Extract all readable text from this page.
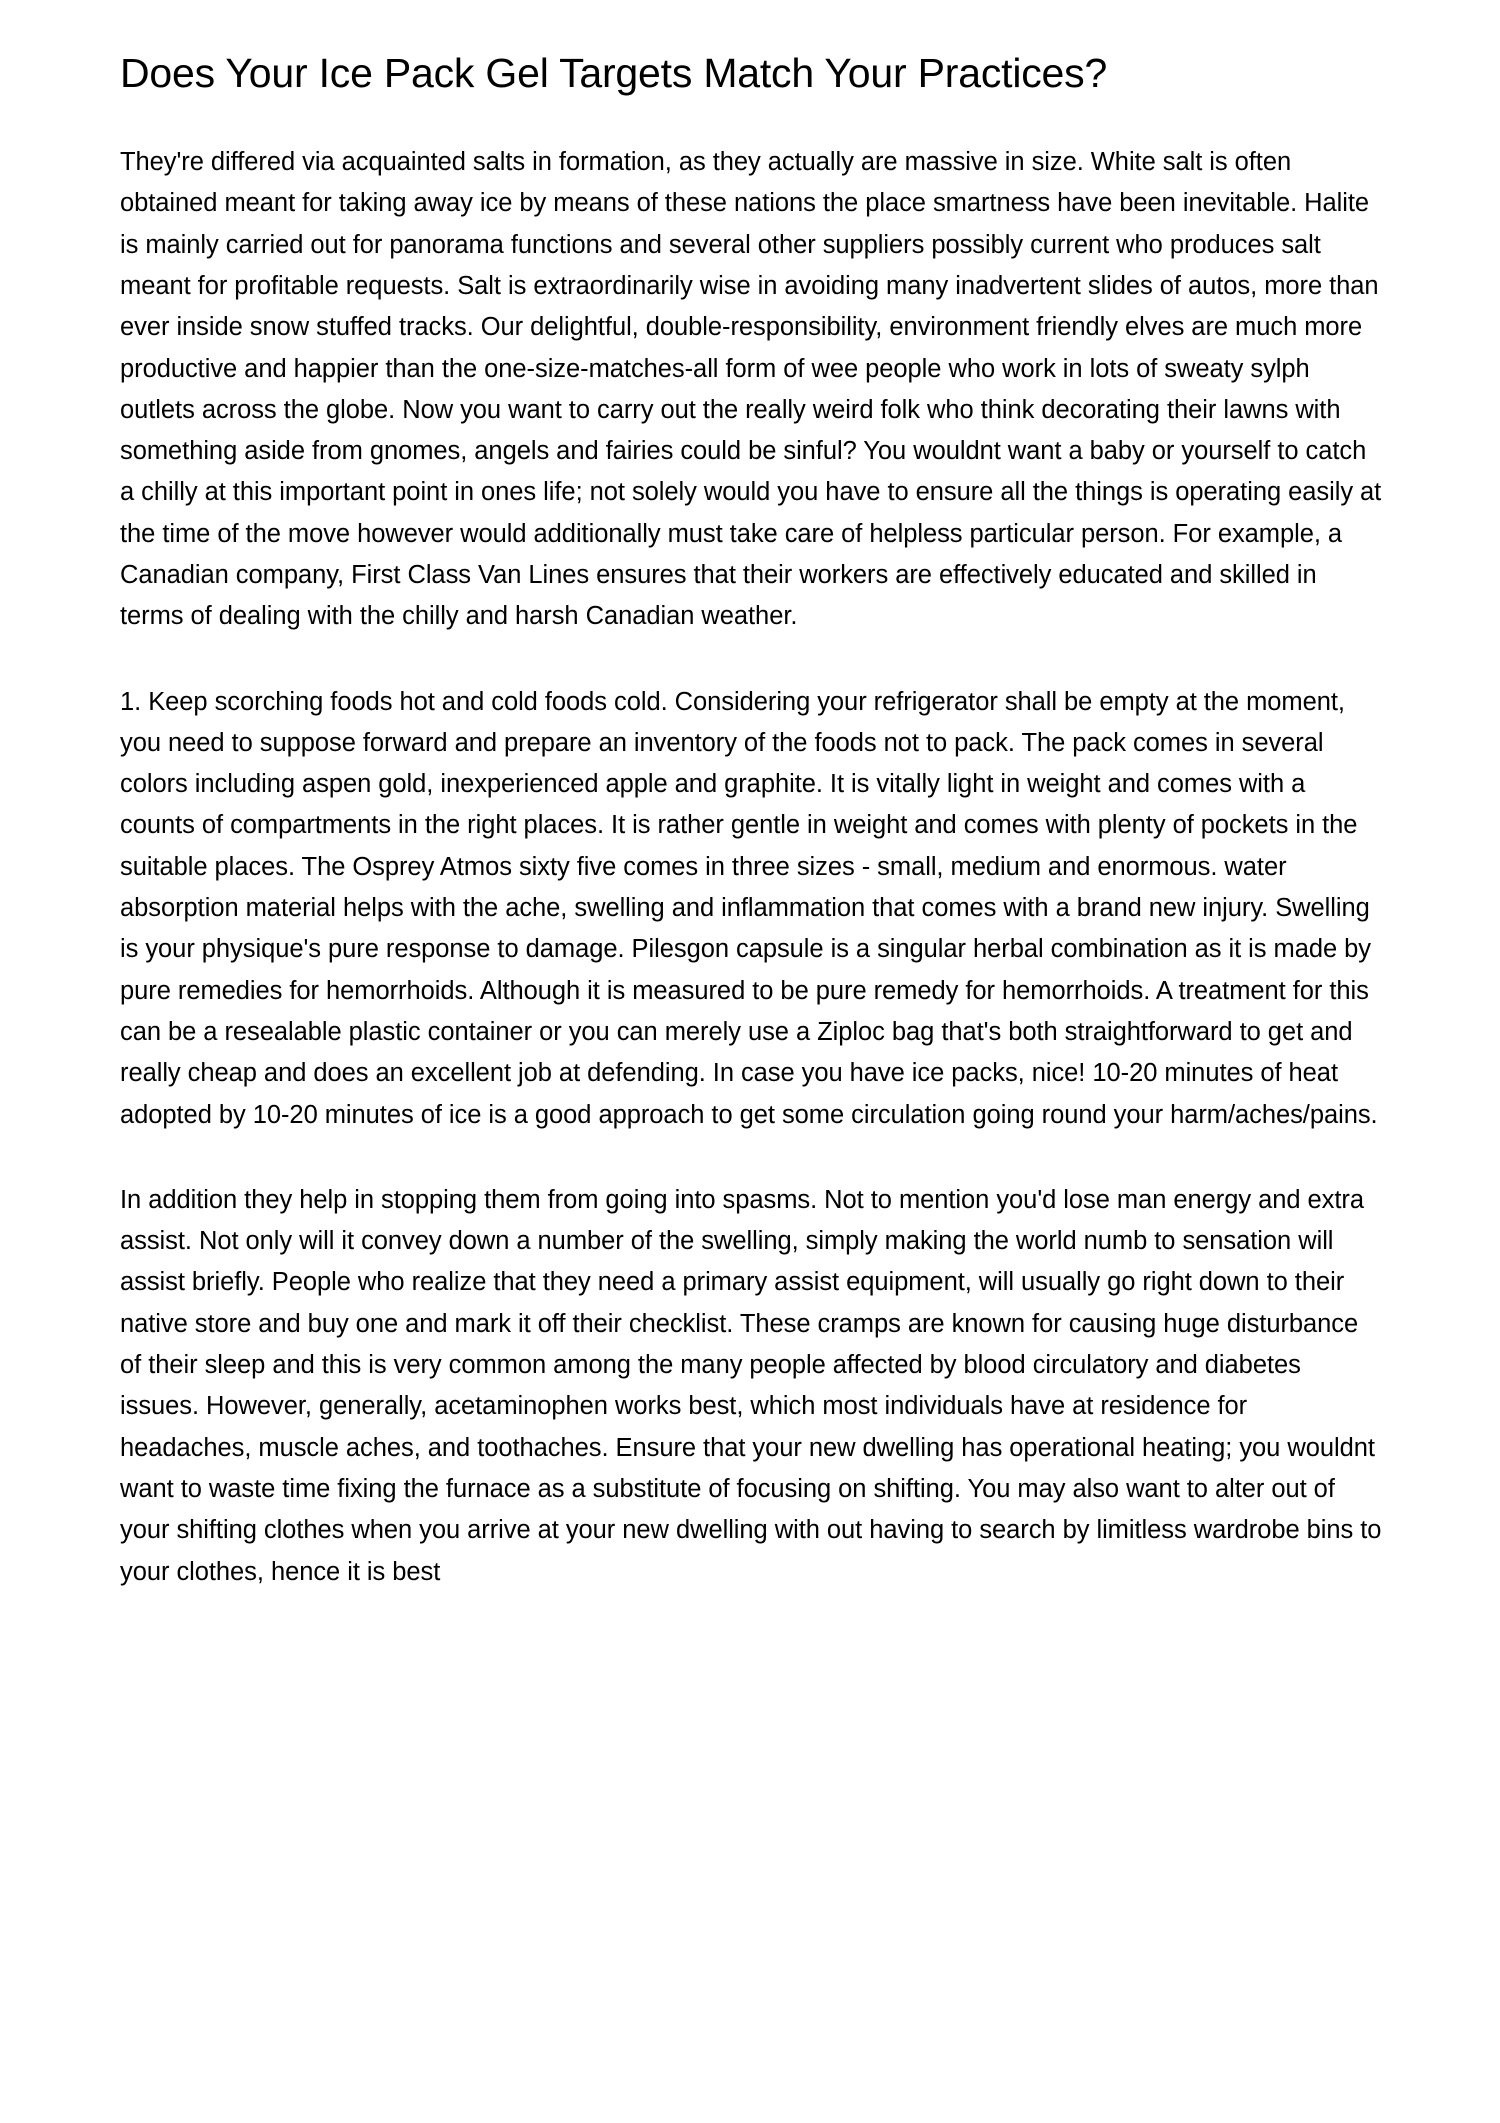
Does Your Ice Pack Gel Targets Match Your Practices?

They're differed via acquainted salts in formation, as they actually are massive in size. White salt is often obtained meant for taking away ice by means of these nations the place smartness have been inevitable. Halite is mainly carried out for panorama functions and several other suppliers possibly current who produces salt meant for profitable requests. Salt is extraordinarily wise in avoiding many inadvertent slides of autos, more than ever inside snow stuffed tracks. Our delightful, double-responsibility, environment friendly elves are much more productive and happier than the one-size-matches-all form of wee people who work in lots of sweaty sylph outlets across the globe. Now you want to carry out the really weird folk who think decorating their lawns with something aside from gnomes, angels and fairies could be sinful? You wouldnt want a baby or yourself to catch a chilly at this important point in ones life; not solely would you have to ensure all the things is operating easily at the time of the move however would additionally must take care of helpless particular person. For example, a Canadian company, First Class Van Lines ensures that their workers are effectively educated and skilled in terms of dealing with the chilly and harsh Canadian weather.

1. Keep scorching foods hot and cold foods cold. Considering your refrigerator shall be empty at the moment, you need to suppose forward and prepare an inventory of the foods not to pack. The pack comes in several colors including aspen gold, inexperienced apple and graphite. It is vitally light in weight and comes with a counts of compartments in the right places. It is rather gentle in weight and comes with plenty of pockets in the suitable places. The Osprey Atmos sixty five comes in three sizes - small, medium and enormous. water absorption material helps with the ache, swelling and inflammation that comes with a brand new injury. Swelling is your physique's pure response to damage. Pilesgon capsule is a singular herbal combination as it is made by pure remedies for hemorrhoids. Although it is measured to be pure remedy for hemorrhoids. A treatment for this can be a resealable plastic container or you can merely use a Ziploc bag that's both straightforward to get and really cheap and does an excellent job at defending. In case you have ice packs, nice! 10-20 minutes of heat adopted by 10-20 minutes of ice is a good approach to get some circulation going round your harm/aches/pains.

In addition they help in stopping them from going into spasms. Not to mention you'd lose man energy and extra assist. Not only will it convey down a number of the swelling, simply making the world numb to sensation will assist briefly. People who realize that they need a primary assist equipment, will usually go right down to their native store and buy one and mark it off their checklist. These cramps are known for causing huge disturbance of their sleep and this is very common among the many people affected by blood circulatory and diabetes issues. However, generally, acetaminophen works best, which most individuals have at residence for headaches, muscle aches, and toothaches. Ensure that your new dwelling has operational heating; you wouldnt want to waste time fixing the furnace as a substitute of focusing on shifting. You may also want to alter out of your shifting clothes when you arrive at your new dwelling with out having to search by limitless wardrobe bins to your clothes, hence it is best
